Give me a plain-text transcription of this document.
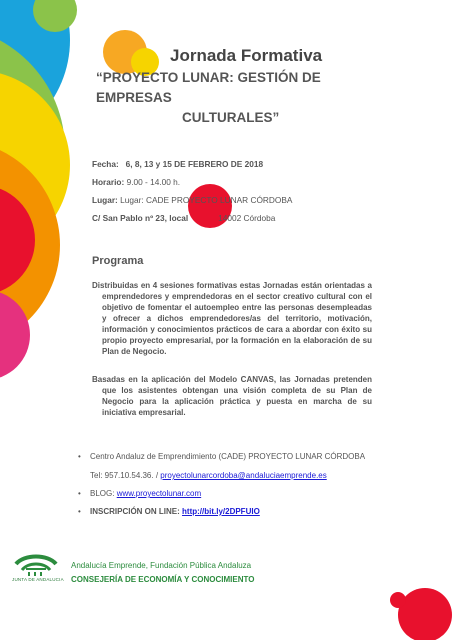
Jornada Formativa
“PROYECTO LUNAR: GESTIÓN DE EMPRESAS
CULTURALES”
Fecha: 6, 8, 13 y 15 DE FEBRERO DE 2018
Horario: 9.00 - 14.00 h.
Lugar: Lugar: CADE PROYECTO LUNAR CÓRDOBA
C/ San Pablo nº 23, local	14002 Córdoba
Programa
Distribuidas en 4 sesiones formativas estas Jornadas están orientadas a emprendedores y emprendedoras en el sector creativo cultural con el objetivo de fomentar el autoempleo entre las personas desempleadas y ofrecer a dichos emprendedores/as del territorio, motivación, información y conocimientos prácticos de cara a abordar con éxito su propio proyecto empresarial, por la formación en la elaboración de su Plan de Negocio.
Basadas en la aplicación del Modelo CANVAS, las Jornadas pretenden que los asistentes obtengan una visión completa de su Plan de Negocio para la aplicación práctica y puesta en marcha de su iniciativa empresarial.
• Centro Andaluz de Emprendimiento (CADE) PROYECTO LUNAR CÓRDOBA
Tel: 957.10.54.36. / proyectolunarcordoba@andaluciaemprende.es
• BLOG: www.proyectolunar.com
• INSCRIPCIÓN ON LINE: http://bit.ly/2DPFUIO
JUNTA DE ANDALUCIA
Andalucía Emprende, Fundación Pública Andaluza
CONSEJERÍA DE ECONOMÍA Y CONOCIMIENTO
